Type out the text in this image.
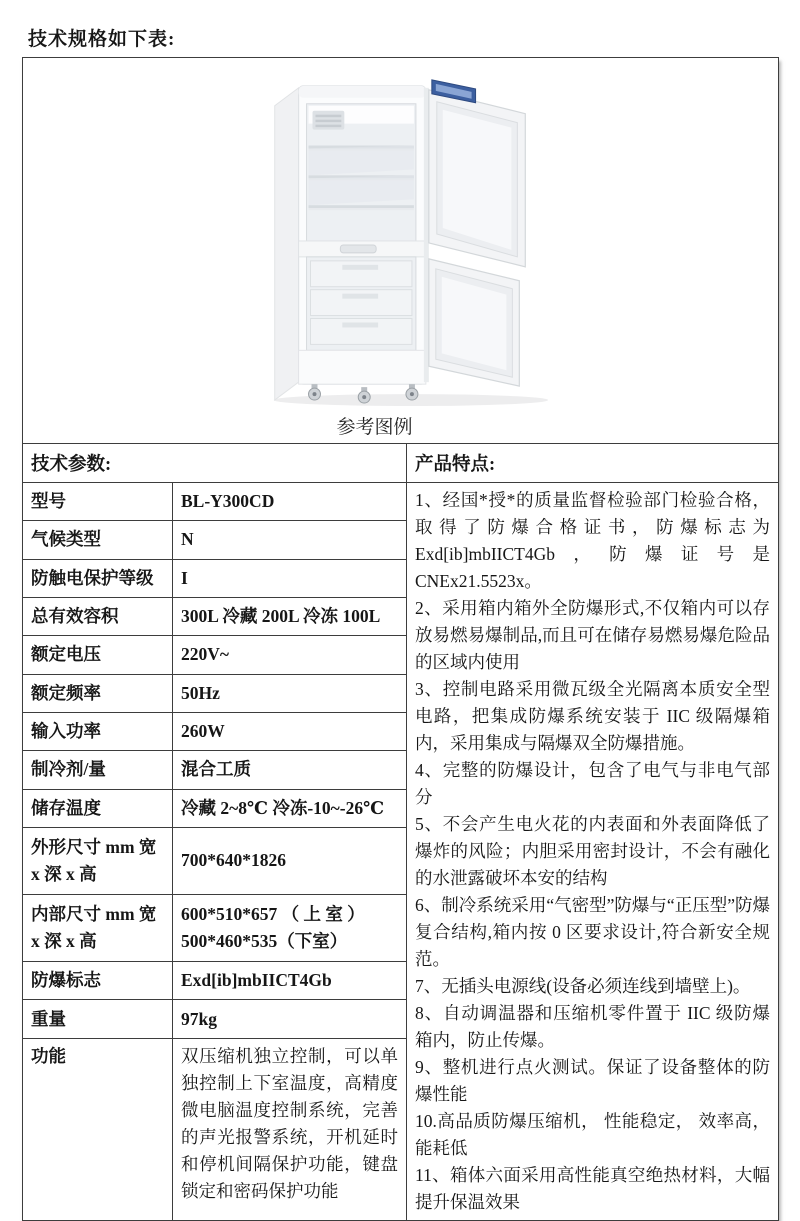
技术规格如下表:
参考图例		

技术参数:		产品特点:
型号	BL-Y300CD	1、经国*授*的质量监督检验部门检验合格，取得了防爆合格证书，防爆标志为 Exd[ib]mbIICT4Gb，防爆证号是 CNEx21.5523x。
2、采用箱内箱外全防爆形式,不仅箱内可以存放易燃易爆制品,而且可在储存易燃易爆危险品的区域内使用
3、控制电路采用微瓦级全光隔离本质安全型电路，把集成防爆系统安装于 IIC 级隔爆箱内，采用集成与隔爆双全防爆措施。
4、完整的防爆设计，包含了电气与非电气部分
5、不会产生电火花的内表面和外表面降低了爆炸的风险；内胆采用密封设计，不会有融化的水泄露破坏本安的结构
6、制冷系统采用“气密型”防爆与“正压型”防爆复合结构,箱内按 0 区要求设计,符合新安全规范。
7、无插头电源线(设备必须连线到墙壁上)。
8、自动调温器和压缩机零件置于 IIC 级防爆箱内，防止传爆。
9、整机进行点火测试。保证了设备整体的防爆性能
10.高品质防爆压缩机， 性能稳定， 效率高， 能耗低
11、箱体六面采用高性能真空绝热材料，大幅提升保温效果

气候类型	N	
防触电保护等级	I	
总有效容积	300L 冷藏 200L 冷冻 100L	
额定电压	220V~	
额定频率	50Hz	
输入功率	260W	
制冷剂/量	混合工质	
储存温度	冷藏 2~8℃ 冷冻-10~-26℃	
外形尺寸 mm 宽 x 深 x 高	700*640*1826	
内部尺寸 mm 宽 x 深 x 高	600*510*657 （ 上 室 ）500*460*535（下室）	
防爆标志	Exd[ib]mbIICT4Gb	
重量	97kg	
功能	双压缩机独立控制，可以单独控制上下室温度，高精度微电脑温度控制系统，完善的声光报警系统，开机延时和停机间隔保护功能，键盘锁定和密码保护功能	
